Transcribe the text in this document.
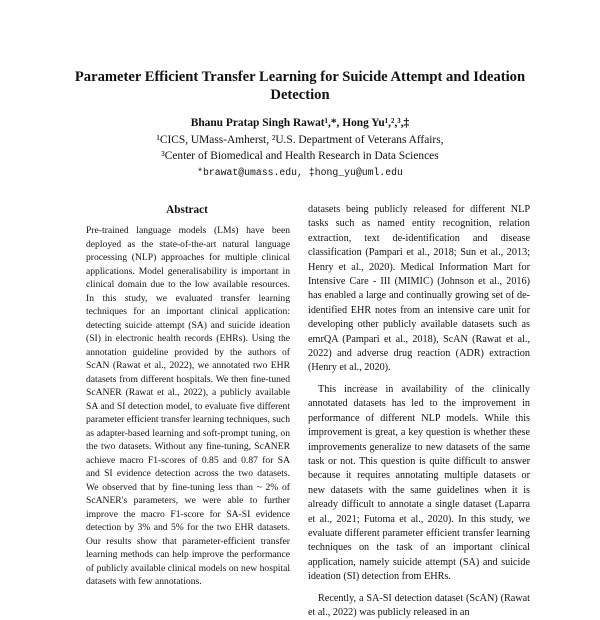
Parameter Efficient Transfer Learning for Suicide Attempt and Ideation Detection
Bhanu Pratap Singh Rawat¹,*, Hong Yu¹,²,³,‡
¹CICS, UMass-Amherst, ²U.S. Department of Veterans Affairs,
³Center of Biomedical and Health Research in Data Sciences
*brawat@umass.edu, ‡hong_yu@uml.edu
Abstract

Pre-trained language models (LMs) have been deployed as the state-of-the-art natural language processing (NLP) approaches for multiple clinical applications. Model generalisability is important in clinical domain due to the low available resources. In this study, we evaluated transfer learning techniques for an important clinical application: detecting suicide attempt (SA) and suicide ideation (SI) in electronic health records (EHRs). Using the annotation guideline provided by the authors of ScAN (Rawat et al., 2022), we annotated two EHR datasets from different hospitals. We then fine-tuned ScANER (Rawat et al., 2022), a publicly available SA and SI detection model, to evaluate five different parameter efficient transfer learning techniques, such as adapter-based learning and soft-prompt tuning, on the two datasets. Without any fine-tuning, ScANER achieve macro F1-scores of 0.85 and 0.87 for SA and SI evidence detection across the two datasets. We observed that by fine-tuning less than ~ 2% of ScANER's parameters, we were able to further improve the macro F1-score for SA-SI evidence detection by 3% and 5% for the two EHR datasets. Our results show that parameter-efficient transfer learning methods can help improve the performance of publicly available clinical models on new hospital datasets with few annotations.

datasets being publicly released for different NLP tasks such as named entity recognition, relation extraction, text de-identification and disease classification (Pampari et al., 2018; Sun et al., 2013; Henry et al., 2020). Medical Information Mart for Intensive Care - III (MIMIC) (Johnson et al., 2016) has enabled a large and continually growing set of de-identified EHR notes from an intensive care unit for developing other publicly available datasets such as emrQA (Pampari et al., 2018), ScAN (Rawat et al., 2022) and adverse drug reaction (ADR) extraction (Henry et al., 2020).

This increase in availability of the clinically annotated datasets has led to the improvement in performance of different NLP models. While this improvement is great, a key question is whether these improvements generalize to new datasets of the same task or not. This question is quite difficult to answer because it requires annotating multiple datasets or new datasets with the same guidelines when it is already difficult to annotate a single dataset (Laparra et al., 2021; Futoma et al., 2020). In this study, we evaluate different parameter efficient transfer learning techniques on the task of an important clinical application, namely suicide attempt (SA) and suicide ideation (SI) detection from EHRs.

Recently, a SA-SI detection dataset (ScAN) (Rawat et al., 2022) was publicly released in an
